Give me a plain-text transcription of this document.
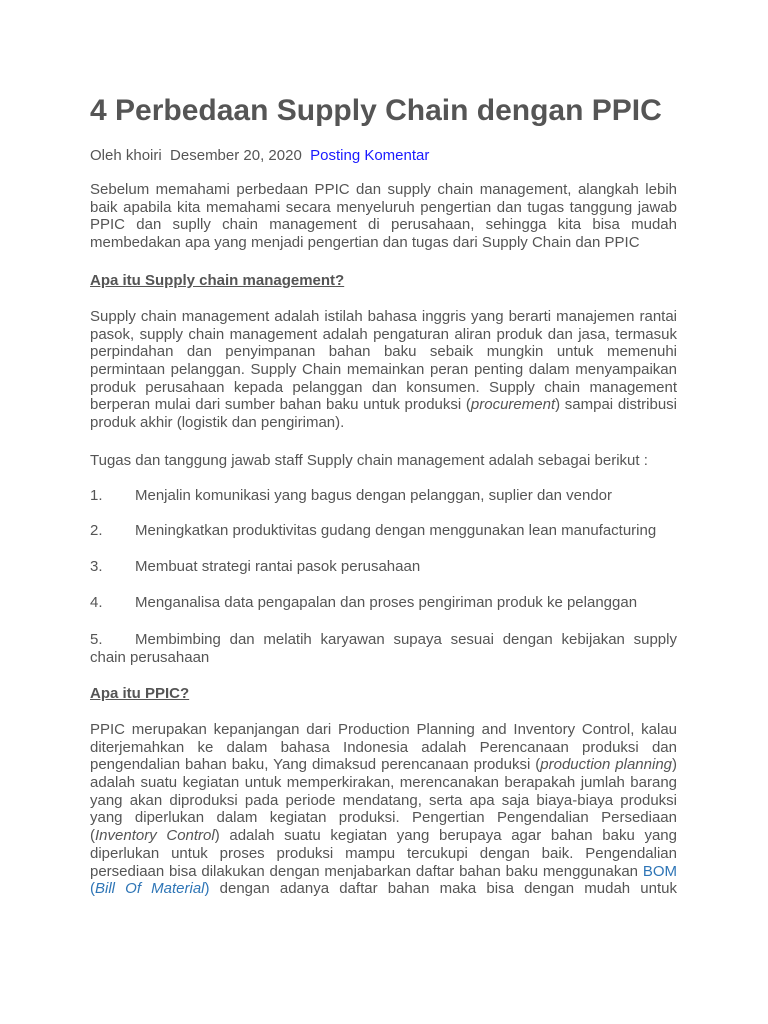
4 Perbedaan Supply Chain dengan PPIC
Oleh khoiri Desember 20, 2020 Posting Komentar
Sebelum memahami perbedaan PPIC dan supply chain management, alangkah lebih
baik apabila kita memahami secara menyeluruh pengertian dan tugas tanggung jawab
PPIC dan suplly chain management di perusahaan, sehingga kita bisa mudah
membedakan apa yang menjadi pengertian dan tugas dari Supply Chain dan PPIC
Apa itu Supply chain management?
Supply chain management adalah istilah bahasa inggris yang berarti manajemen rantai
pasok, supply chain management adalah pengaturan aliran produk dan jasa, termasuk
perpindahan dan penyimpanan bahan baku sebaik mungkin untuk memenuhi
permintaan pelanggan. Supply Chain memainkan peran penting dalam menyampaikan
produk perusahaan kepada pelanggan dan konsumen. Supply chain management
berperan mulai dari sumber bahan baku untuk produksi (procurement) sampai distribusi
produk akhir (logistik dan pengiriman).
Tugas dan tanggung jawab staff Supply chain management adalah sebagai berikut :
1. Menjalin komunikasi yang bagus dengan pelanggan, suplier dan vendor
2. Meningkatkan produktivitas gudang dengan menggunakan lean manufacturing
3. Membuat strategi rantai pasok perusahaan
4. Menganalisa data pengapalan dan proses pengiriman produk ke pelanggan
5. Membimbing dan melatih karyawan supaya sesuai dengan kebijakan supply
chain perusahaan
Apa itu PPIC?
PPIC merupakan kepanjangan dari Production Planning and Inventory Control, kalau
diterjemahkan ke dalam bahasa Indonesia adalah Perencanaan produksi dan
pengendalian bahan baku, Yang dimaksud perencanaan produksi (production planning)
adalah suatu kegiatan untuk memperkirakan, merencanakan berapakah jumlah barang
yang akan diproduksi pada periode mendatang, serta apa saja biaya-biaya produksi
yang diperlukan dalam kegiatan produksi. Pengertian Pengendalian Persediaan
(Inventory Control) adalah suatu kegiatan yang berupaya agar bahan baku yang
diperlukan untuk proses produksi mampu tercukupi dengan baik. Pengendalian
persediaan bisa dilakukan dengan menjabarkan daftar bahan baku menggunakan BOM
(Bill Of Material) dengan adanya daftar bahan maka bisa dengan mudah untuk
